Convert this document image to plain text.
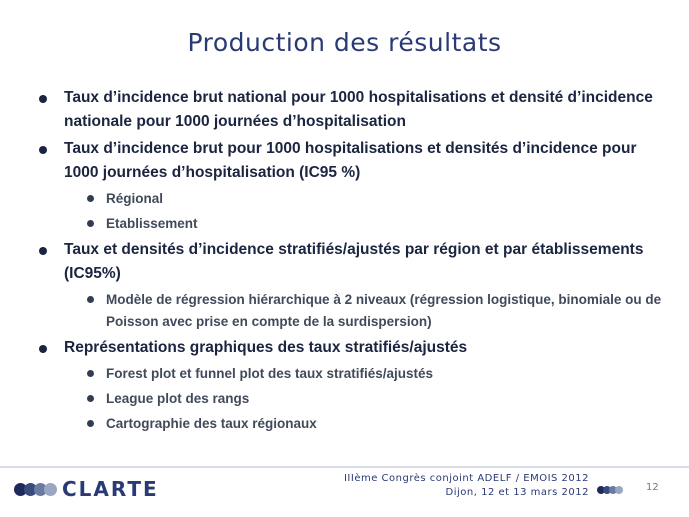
Production des résultats
Taux d’incidence brut national pour 1000 hospitalisations et densité d’incidence nationale pour 1000 journées d’hospitalisation
Taux d’incidence brut pour 1000 hospitalisations et densités d’incidence pour 1000 journées d’hospitalisation (IC95 %)
Régional
Etablissement
Taux et densités d’incidence stratifiés/ajustés par région et par établissements (IC95%)
Modèle de régression hiérarchique à 2 niveaux (régression logistique, binomiale ou de Poisson avec prise en compte de la surdispersion)
Représentations graphiques des taux stratifiés/ajustés
Forest plot et funnel plot des taux stratifiés/ajustés
League plot des rangs
Cartographie des taux régionaux
CLARTE	IIIème Congrès conjoint ADELF / EMOIS 2012
Dijon, 12 et 13 mars 2012	12
